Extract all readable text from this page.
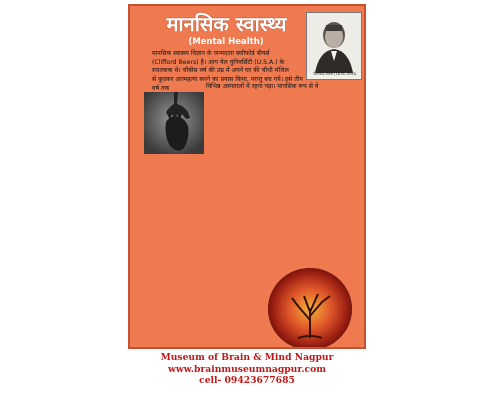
मानसिक स्वास्थ्य
(Mental Health)
क्लिफोर्ड बीयर्स (1876-1943)
मानसिक स्वास्थ्य विज्ञान के जन्मदाता क्लीफोर्ड बीयर्स
(Clifford Beers) है। आप येल युनिवर्सिटी (U.S.A.) के
स्नातकक थे। चौबीस वर्ष की उम्र में अपने घर की चौथी मंजिल
से कूदकर आत्महत्या करने का प्रयास किया, परन्तु बच गये। इसे तीन वर्ष तक	विभिन्न अस्पतालों में रहना पड़ा। मानसिक रूप से वे
Museum of Brain & Mind Nagpur
www.brainmuseumnagpur.com
cell- 09423677685
